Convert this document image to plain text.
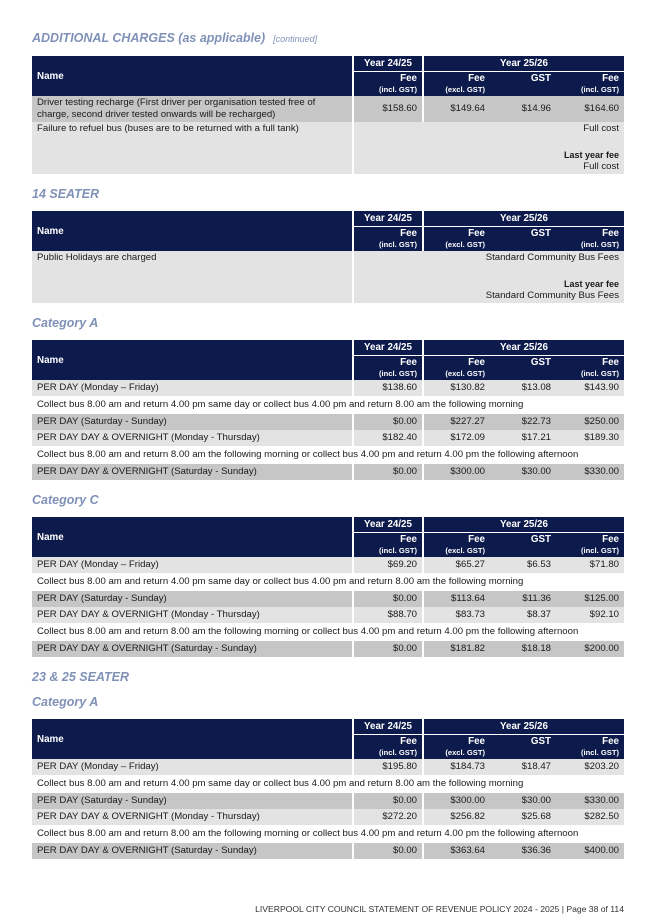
ADDITIONAL CHARGES (as applicable) [continued]
Name	Year 24/25	Year 25/26		
	Fee	Fee	GST	Fee
	(incl. GST)	(excl. GST)		(incl. GST)
Driver testing recharge (First driver per organisation tested free of charge, second driver tested onwards will be recharged)	$158.60	$149.64	$14.96	$164.60
Failure to refuel bus (buses are to be returned with a full tank)	Full cost
Last year fee
Full cost			
14 SEATER
Name	Year 24/25	Year 25/26		
	Fee	Fee	GST	Fee
	(incl. GST)	(excl. GST)		(incl. GST)
Public Holidays are charged	Standard Community Bus Fees
Last year fee
Standard Community Bus Fees			
Category A
Name	Year 24/25	Year 25/26		
	Fee	Fee	GST	Fee
	(incl. GST)	(excl. GST)		(incl. GST)
PER DAY (Monday – Friday)	$138.60	$130.82	$13.08	$143.90
Collect bus 8.00 am and return 4.00 pm same day or collect bus 4.00 pm and return 8.00 am the following morning				
PER DAY (Saturday - Sunday)	$0.00	$227.27	$22.73	$250.00
PER DAY DAY & OVERNIGHT (Monday - Thursday)	$182.40	$172.09	$17.21	$189.30
Collect bus 8.00 am and return 8.00 am the following morning or collect bus 4.00 pm and return 4.00 pm the following afternoon				
PER DAY DAY & OVERNIGHT (Saturday - Sunday)	$0.00	$300.00	$30.00	$330.00
Category C
Name	Year 24/25	Year 25/26		
	Fee	Fee	GST	Fee
	(incl. GST)	(excl. GST)		(incl. GST)
PER DAY (Monday – Friday)	$69.20	$65.27	$6.53	$71.80
Collect bus 8.00 am and return 4.00 pm same day or collect bus 4.00 pm and return 8.00 am the following morning				
PER DAY (Saturday - Sunday)	$0.00	$113.64	$11.36	$125.00
PER DAY DAY & OVERNIGHT (Monday - Thursday)	$88.70	$83.73	$8.37	$92.10
Collect bus 8.00 am and return 8.00 am the following morning or collect bus 4.00 pm and return 4.00 pm the following afternoon				
PER DAY DAY & OVERNIGHT (Saturday - Sunday)	$0.00	$181.82	$18.18	$200.00
23 & 25 SEATER
Category A
Name	Year 24/25	Year 25/26		
	Fee	Fee	GST	Fee
	(incl. GST)	(excl. GST)		(incl. GST)
PER DAY (Monday – Friday)	$195.80	$184.73	$18.47	$203.20
Collect bus 8.00 am and return 4.00 pm same day or collect bus 4.00 pm and return 8.00 am the following morning				
PER DAY (Saturday - Sunday)	$0.00	$300.00	$30.00	$330.00
PER DAY DAY & OVERNIGHT (Monday - Thursday)	$272.20	$256.82	$25.68	$282.50
Collect bus 8.00 am and return 8.00 am the following morning or collect bus 4.00 pm and return 4.00 pm the following afternoon				
PER DAY DAY & OVERNIGHT (Saturday - Sunday)	$0.00	$363.64	$36.36	$400.00
LIVERPOOL CITY COUNCIL STATEMENT OF REVENUE POLICY 2024 - 2025 | Page 38 of 114
